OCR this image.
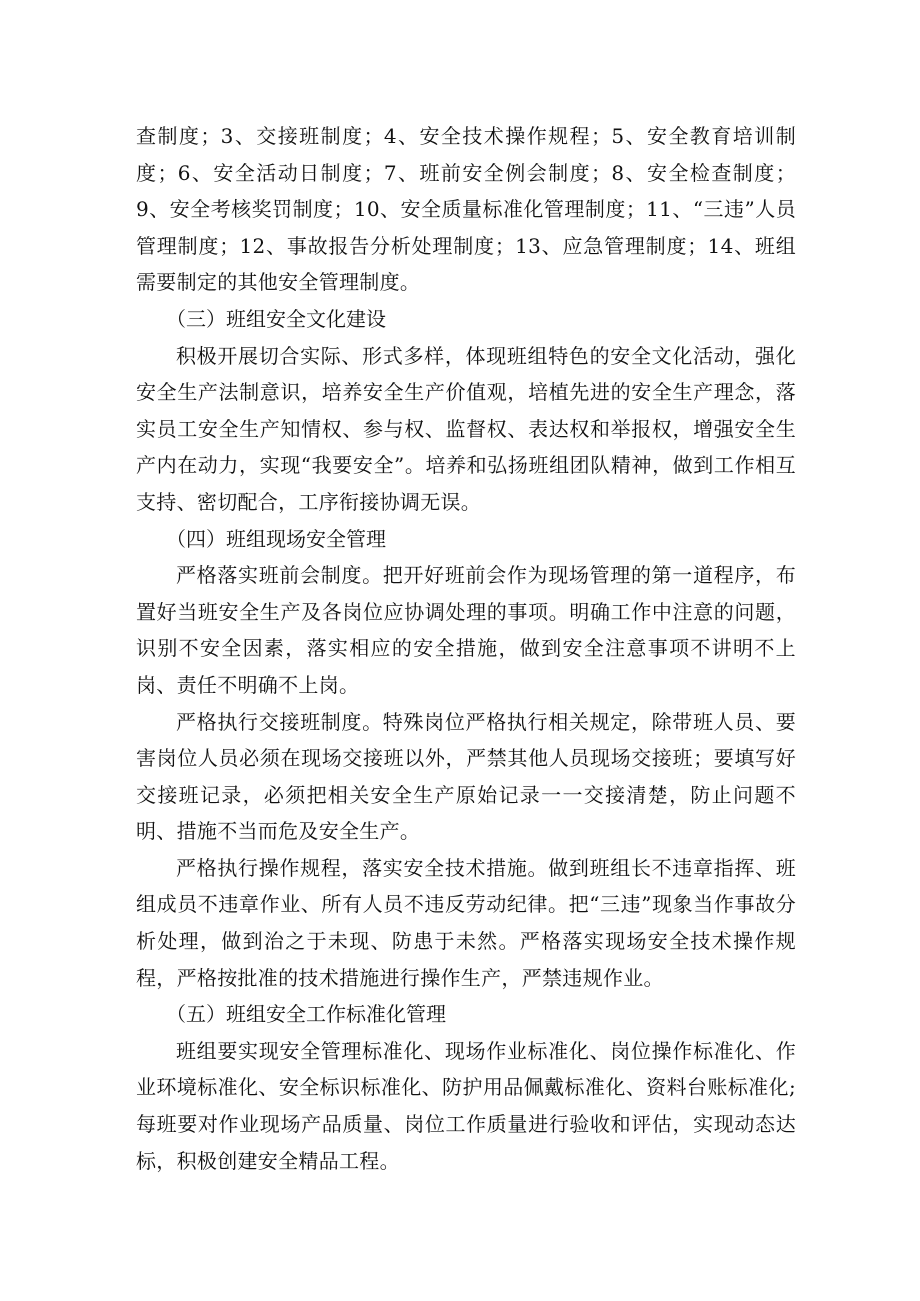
查制度；3、交接班制度；4、安全技术操作规程；5、安全教育培训制度；6、安全活动日制度；7、班前安全例会制度；8、安全检查制度；9、安全考核奖罚制度；10、安全质量标准化管理制度；11、“三违”人员管理制度；12、事故报告分析处理制度；13、应急管理制度；14、班组需要制定的其他安全管理制度。

（三）班组安全文化建设

积极开展切合实际、形式多样，体现班组特色的安全文化活动，强化安全生产法制意识，培养安全生产价值观，培植先进的安全生产理念，落实员工安全生产知情权、参与权、监督权、表达权和举报权，增强安全生产内在动力，实现“我要安全”。培养和弘扬班组团队精神，做到工作相互支持、密切配合，工序衔接协调无误。

（四）班组现场安全管理

严格落实班前会制度。把开好班前会作为现场管理的第一道程序，布置好当班安全生产及各岗位应协调处理的事项。明确工作中注意的问题，识别不安全因素，落实相应的安全措施，做到安全注意事项不讲明不上岗、责任不明确不上岗。

严格执行交接班制度。特殊岗位严格执行相关规定，除带班人员、要害岗位人员必须在现场交接班以外，严禁其他人员现场交接班；要填写好交接班记录，必须把相关安全生产原始记录一一交接清楚，防止问题不明、措施不当而危及安全生产。

严格执行操作规程，落实安全技术措施。做到班组长不违章指挥、班组成员不违章作业、所有人员不违反劳动纪律。把“三违”现象当作事故分析处理，做到治之于未现、防患于未然。严格落实现场安全技术操作规程，严格按批准的技术措施进行操作生产，严禁违规作业。

（五）班组安全工作标准化管理

班组要实现安全管理标准化、现场作业标准化、岗位操作标准化、作业环境标准化、安全标识标准化、防护用品佩戴标准化、资料台账标准化;每班要对作业现场产品质量、岗位工作质量进行验收和评估，实现动态达标，积极创建安全精品工程。
